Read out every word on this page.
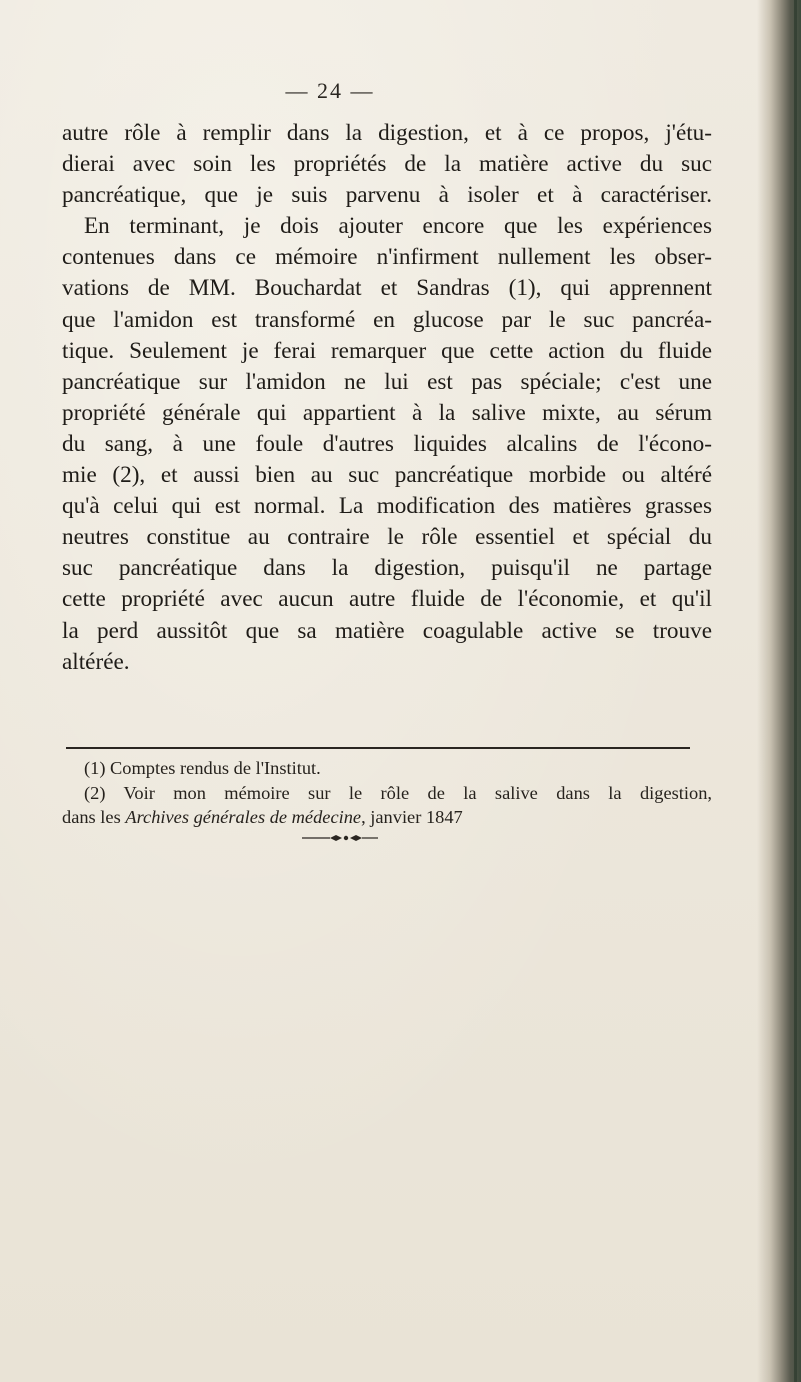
— 24 —
autre rôle à remplir dans la digestion, et à ce propos, j'étu-
dierai avec soin les propriétés de la matière active du suc
pancréatique, que je suis parvenu à isoler et à caractériser.
En terminant, je dois ajouter encore que les expériences
contenues dans ce mémoire n'infirment nullement les obser-
vations de MM. Bouchardat et Sandras (1), qui apprennent
que l'amidon est transformé en glucose par le suc pancréa-
tique. Seulement je ferai remarquer que cette action du fluide
pancréatique sur l'amidon ne lui est pas spéciale; c'est une
propriété générale qui appartient à la salive mixte, au sérum
du sang, à une foule d'autres liquides alcalins de l'écono-
mie (2), et aussi bien au suc pancréatique morbide ou altéré
qu'à celui qui est normal. La modification des matières grasses
neutres constitue au contraire le rôle essentiel et spécial du
suc pancréatique dans la digestion, puisqu'il ne partage
cette propriété avec aucun autre fluide de l'économie, et qu'il
la perd aussitôt que sa matière coagulable active se trouve
altérée.
(1) Comptes rendus de l'Institut.
(2) Voir mon mémoire sur le rôle de la salive dans la digestion,
dans les Archives générales de médecine, janvier 1847
